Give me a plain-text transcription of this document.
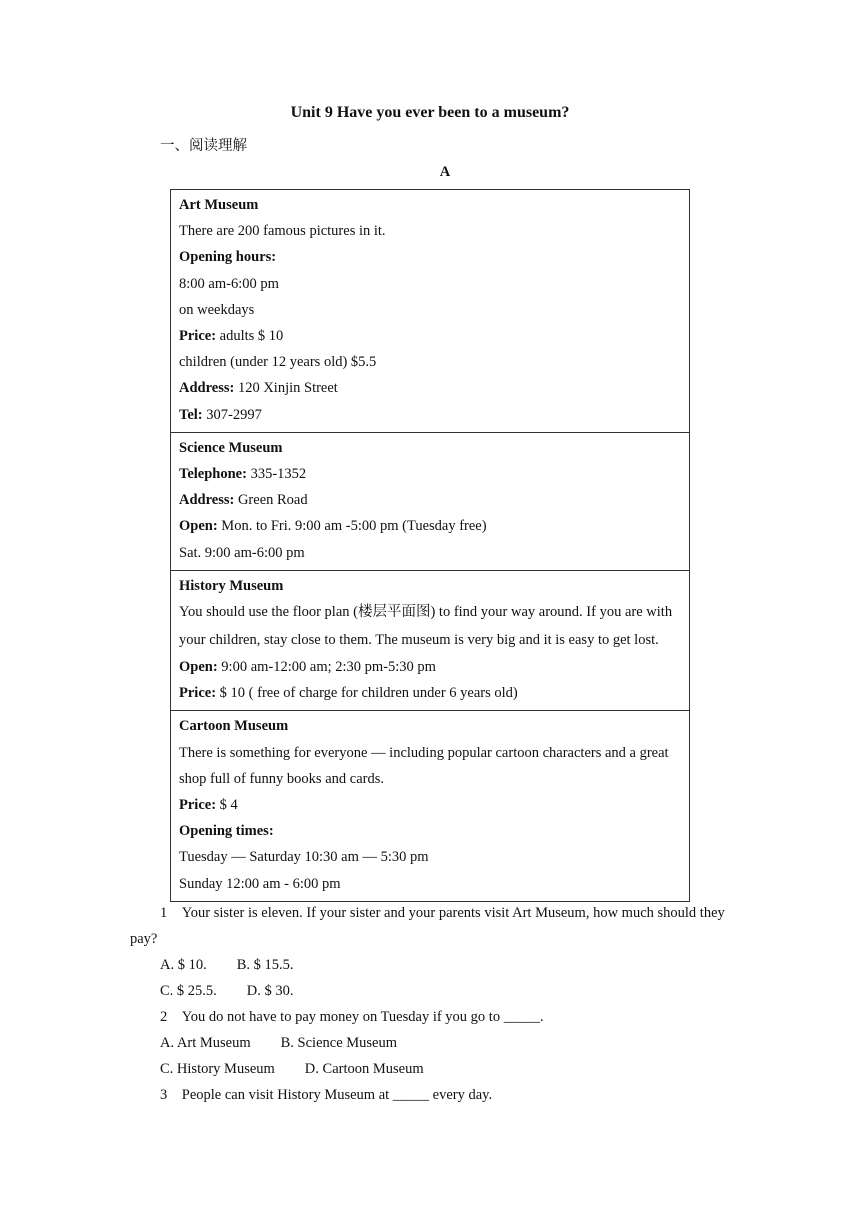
Unit 9 Have you ever been to a museum?
一、阅读理解
A
Art Museum
There are 200 famous pictures in it.
Opening hours:
8:00 am-6:00 pm
on weekdays
Price: adults $ 10
children (under 12 years old) $5.5
Address: 120 Xinjin Street
Tel: 307-2997

Science Museum
Telephone: 335-1352
Address: Green Road
Open: Mon. to Fri. 9:00 am -5:00 pm (Tuesday free)
Sat. 9:00 am-6:00 pm

History Museum
You should use the floor plan (楼层平面图) to find your way around. If you are with your children, stay close to them. The museum is very big and it is easy to get lost.
Open: 9:00 am-12:00 am; 2:30 pm-5:30 pm
Price: $ 10 ( free of charge for children under 6 years old)

Cartoon Museum
There is something for everyone — including popular cartoon characters and a great shop full of funny books and cards.
Price: $ 4
Opening times:
Tuesday — Saturday 10:30 am — 5:30 pm
Sunday 12:00 am - 6:00 pm
1 Your sister is eleven. If your sister and your parents visit Art Museum, how much should they pay?
A. $ 10. B. $ 15.5.
C. $ 25.5. D. $ 30.
2 You do not have to pay money on Tuesday if you go to _____.
A. Art Museum B. Science Museum
C. History Museum D. Cartoon Museum
3 People can visit History Museum at _____ every day.
